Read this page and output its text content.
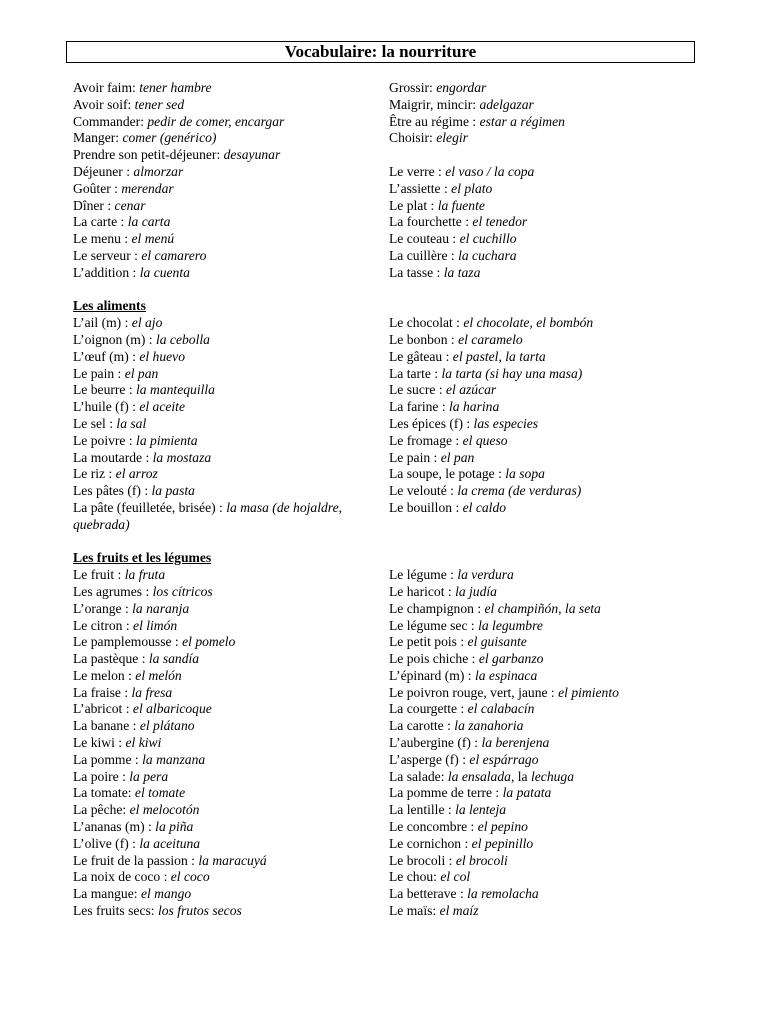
Vocabulaire: la nourriture
Avoir faim: tener hambre
Avoir soif: tener sed
Commander: pedir de comer, encargar
Manger: comer (genérico)
Prendre son petit-déjeuner: desayunar
Déjeuner : almorzar
Goûter : merendar
Dîner : cenar
La carte : la carta
Le menu : el menú
Le serveur : el camarero
L’addition : la cuenta
Les aliments
L’ail (m) : el ajo
L’oignon (m) : la cebolla
L’œuf (m) : el huevo
Le pain : el pan
Le beurre : la mantequilla
L’huile (f) : el aceite
Le sel : la sal
Le poivre : la pimienta
La moutarde : la mostaza
Le riz : el arroz
Les pâtes (f) : la pasta
La pâte (feuilletée, brisée) : la masa (de hojaldre, quebrada)
Les fruits et les légumes
Le fruit : la fruta
Les agrumes : los cítricos
L’orange : la naranja
Le citron : el limón
Le pamplemousse : el pomelo
La pastèque : la sandía
Le melon : el melón
La fraise : la fresa
L’abricot : el albaricoque
La banane : el plátano
Le kiwi : el kiwi
La pomme : la manzana
La poire : la pera
La tomate: el tomate
La pêche: el melocotón
L’ananas (m) : la piña
L’olive (f) : la aceituna
Le fruit de la passion : la maracuyá
La noix de coco : el coco
La mangue: el mango
Les fruits secs: los frutos secos
Grossir: engordar
Maigrir, mincir: adelgazar
Être au régime : estar a régimen
Choisir: elegir
Le verre : el vaso / la copa
L’assiette : el plato
Le plat : la fuente
La fourchette : el tenedor
Le couteau : el cuchillo
La cuillère : la cuchara
La tasse : la taza
Le chocolat : el chocolate, el bombón
Le bonbon : el caramelo
Le gâteau : el pastel, la tarta
La tarte : la tarta (si hay una masa)
Le sucre : el azúcar
La farine : la harina
Les épices (f) : las especies
Le fromage : el queso
Le pain : el pan
La soupe, le potage : la sopa
Le velouté : la crema (de verduras)
Le bouillon : el caldo
Le légume : la verdura
Le haricot : la judía
Le champignon : el champiñón, la seta
Le légume sec : la legumbre
Le petit pois : el guisante
Le pois chiche : el garbanzo
L’épinard (m) : la espinaca
Le poivron rouge, vert, jaune : el pimiento
La courgette : el calabacín
La carotte : la zanahoria
L’aubergine (f) : la berenjena
L’asperge (f) : el espárrago
La salade: la ensalada, la lechuga
La pomme de terre : la patata
La lentille : la lenteja
Le concombre : el pepino
Le cornichon : el pepinillo
Le brocoli : el brocoli
Le chou: el col
La betterave : la remolacha
Le maïs: el maíz
